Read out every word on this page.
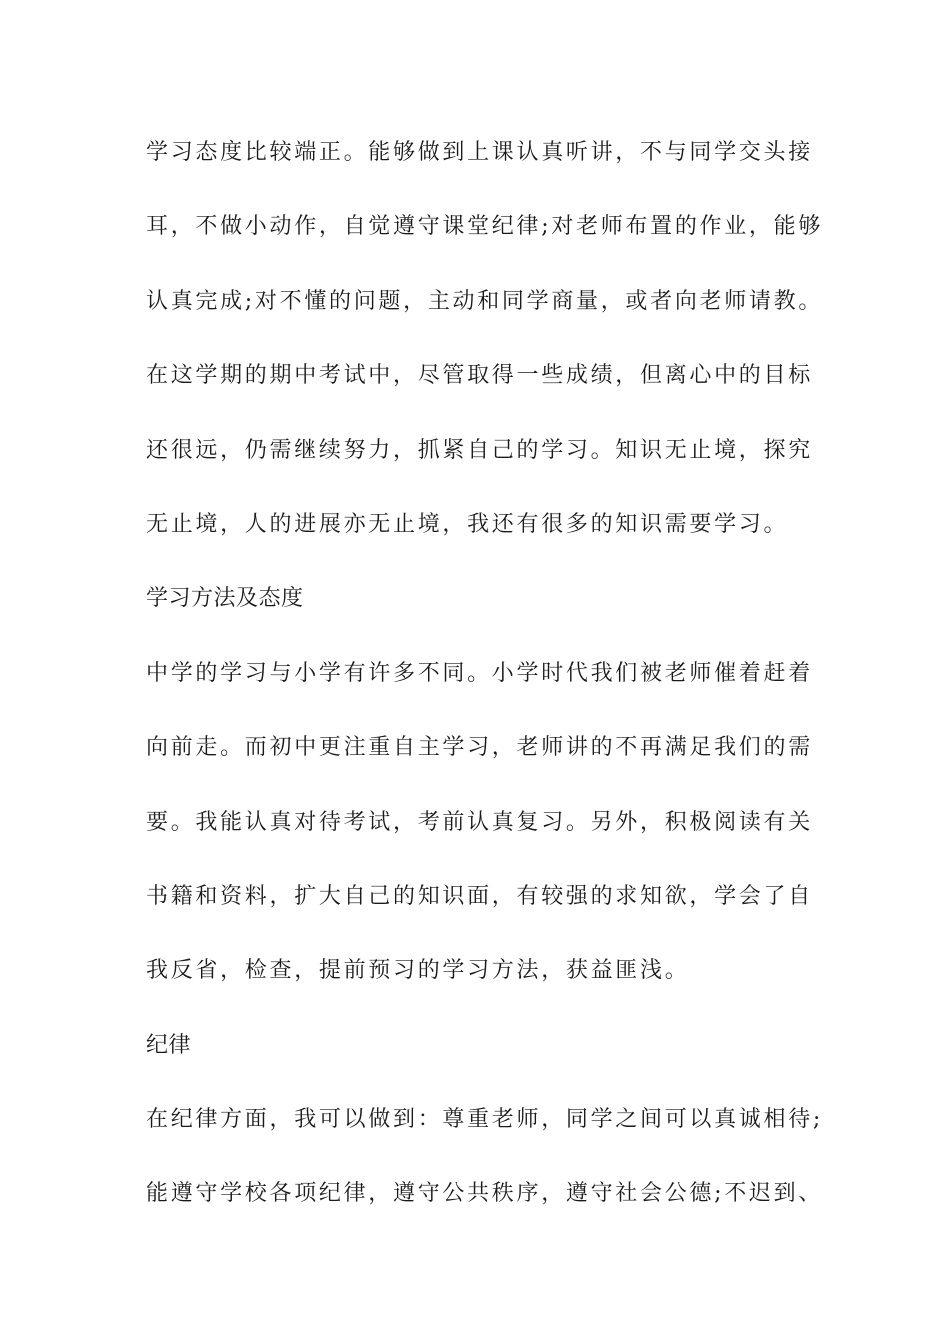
学习态度比较端正。能够做到上课认真听讲，不与同学交头接
耳，不做小动作，自觉遵守课堂纪律;对老师布置的作业，能够
认真完成;对不懂的问题，主动和同学商量，或者向老师请教。
在这学期的期中考试中，尽管取得一些成绩，但离心中的目标
还很远，仍需继续努力，抓紧自己的学习。知识无止境，探究
无止境，人的进展亦无止境，我还有很多的知识需要学习。
学习方法及态度
中学的学习与小学有许多不同。小学时代我们被老师催着赶着
向前走。而初中更注重自主学习，老师讲的不再满足我们的需
要。我能认真对待考试，考前认真复习。另外，积极阅读有关
书籍和资料，扩大自己的知识面，有较强的求知欲，学会了自
我反省，检查，提前预习的学习方法，获益匪浅。
纪律
在纪律方面，我可以做到：尊重老师，同学之间可以真诚相待;
能遵守学校各项纪律，遵守公共秩序，遵守社会公德;不迟到、
